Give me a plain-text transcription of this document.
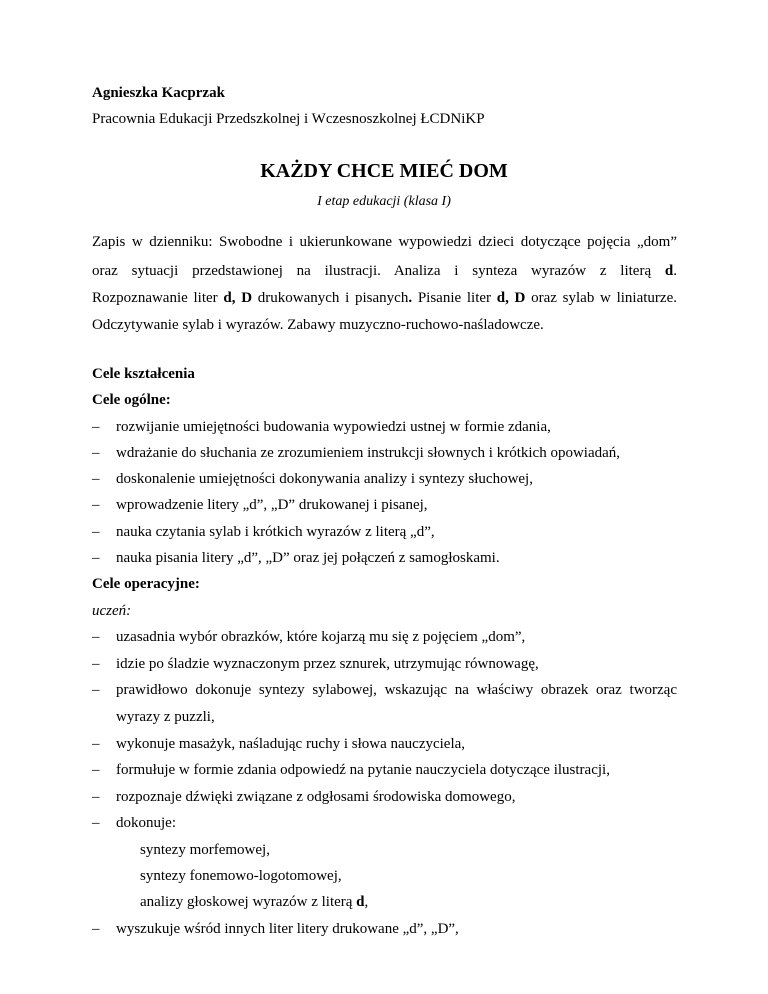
Agnieszka Kacprzak
Pracownia Edukacji Przedszkolnej i Wczesnoszkolnej ŁCDNiKP
KAŻDY CHCE MIEĆ DOM
I etap edukacji (klasa I)
Zapis w dzienniku: Swobodne i ukierunkowane wypowiedzi dzieci dotyczące pojęcia „dom”
oraz sytuacji przedstawionej na ilustracji. Analiza i synteza wyrazów z literą d.
Rozpoznawanie liter d, D drukowanych i pisanych. Pisanie liter d, D oraz sylab w liniaturze.
Odczytywanie sylab i wyrazów. Zabawy muzyczno-ruchowo-naśladowcze.
Cele kształcenia
Cele ogólne:
– rozwijanie umiejętności budowania wypowiedzi ustnej w formie zdania,
– wdrażanie do słuchania ze zrozumieniem instrukcji słownych i krótkich opowiadań,
– doskonalenie umiejętności dokonywania analizy i syntezy słuchowej,
– wprowadzenie litery „d”, „D” drukowanej i pisanej,
– nauka czytania sylab i krótkich wyrazów z literą „d”,
– nauka pisania litery „d”, „D” oraz jej połączeń z samogłoskami.
Cele operacyjne:
uczeń:
– uzasadnia wybór obrazków, które kojarzą mu się z pojęciem „dom”,
– idzie po śladzie wyznaczonym przez sznurek, utrzymując równowagę,
– prawidłowo dokonuje syntezy sylabowej, wskazując na właściwy obrazek oraz tworząc
wyrazy z puzzli,
– wykonuje masażyk, naśladując ruchy i słowa nauczyciela,
– formułuje w formie zdania odpowiedź na pytanie nauczyciela dotyczące ilustracji,
– rozpoznaje dźwięki związane z odgłosami środowiska domowego,
– dokonuje:
syntezy morfemowej,
syntezy fonemowo-logotomowej,
analizy głoskowej wyrazów z literą d,
– wyszukuje wśród innych liter litery drukowane „d”, „D”,
